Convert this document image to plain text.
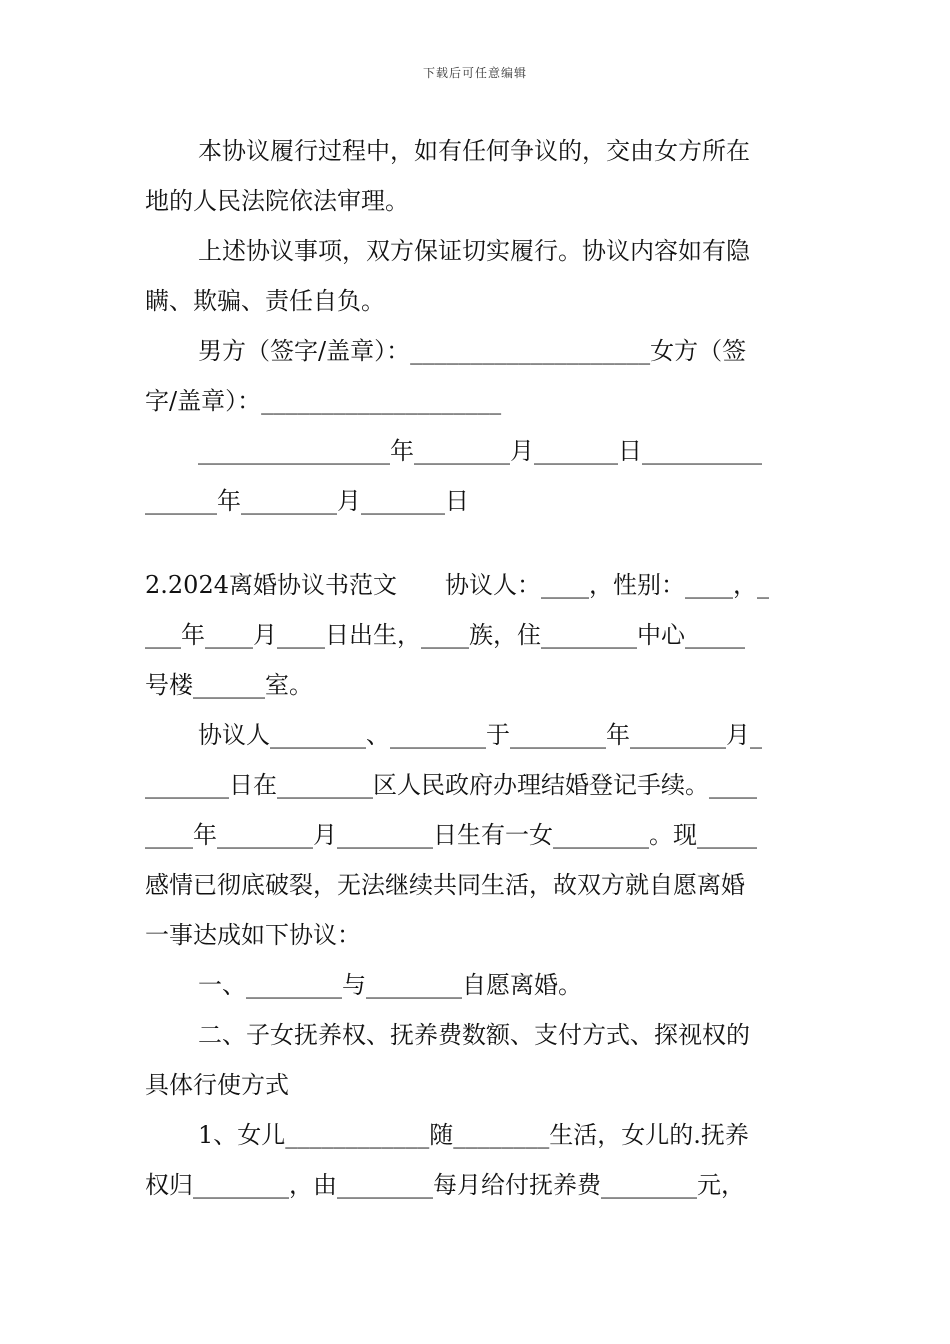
下载后可任意编辑
本协议履行过程中，如有任何争议的，交由女方所在
地的人民法院依法审理。
上述协议事项，双方保证切实履行。协议内容如有隐
瞒、欺骗、责任自负。
男方（签字/盖章）：____________________女方（签
字/盖章）：____________________
________________年________月_______日__________
______年________月_______日
2.2024离婚协议书范文　　协议人：____，性别：____，_
___年____月____日出生，____族，住________中心_____
号楼______室。
协议人________、________于________年________月_
_______日在________区人民政府办理结婚登记手续。____
____年________月________日生有一女________。现_____
感情已彻底破裂，无法继续共同生活，故双方就自愿离婚
一事达成如下协议：
一、________与________自愿离婚。
二、子女抚养权、抚养费数额、支付方式、探视权的
具体行使方式
1、女儿____________随________生活，女儿的.抚养
权归________，由________每月给付抚养费________元，
